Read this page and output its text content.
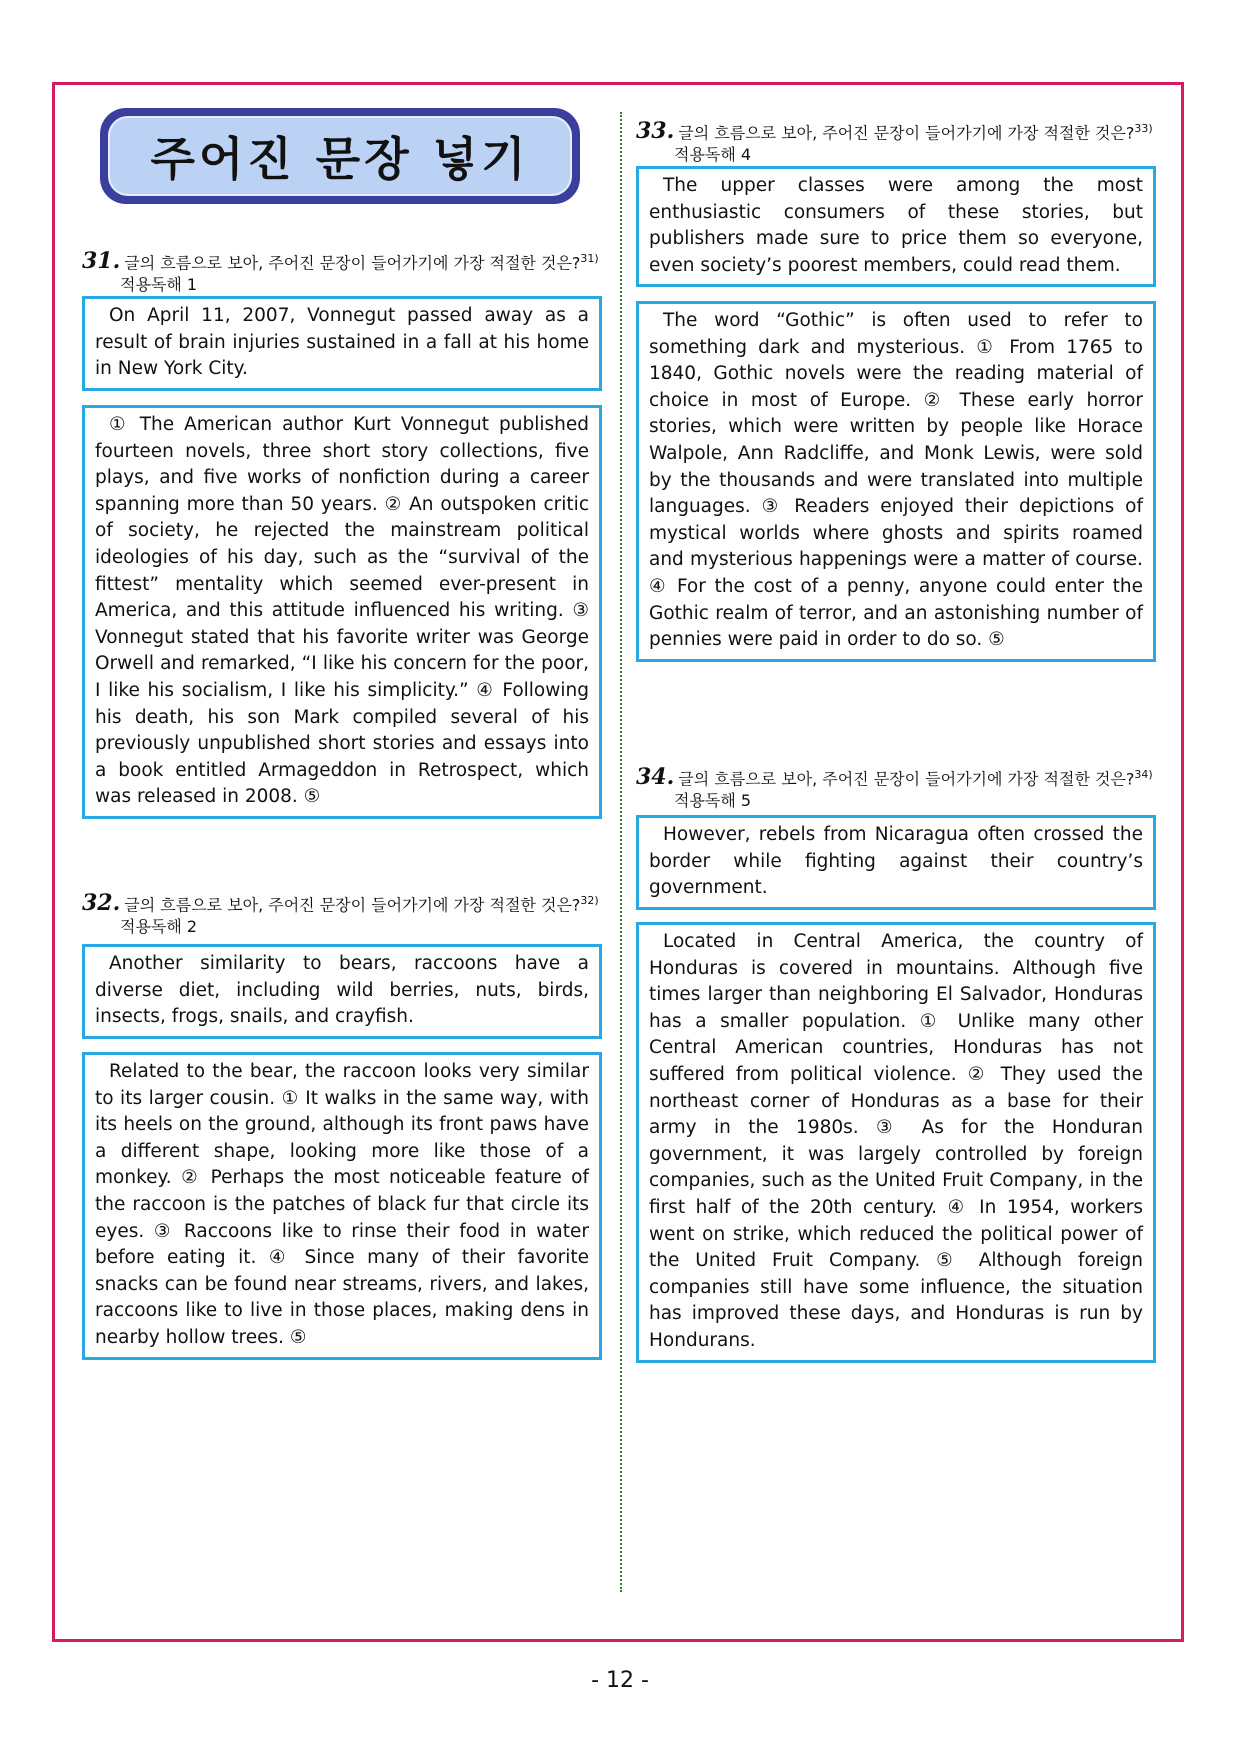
주어진 문장 넣기
31. 글의 흐름으로 보아, 주어진 문장이 들어가기에 가장 적절한 것은?$^{31)}$
적용독해 1

On April 11, 2007, Vonnegut passed away as a result of brain injuries sustained in a fall at his home in New York City.

① The American author Kurt Vonnegut published fourteen novels, three short story collections, five plays, and five works of nonfiction during a career spanning more than 50 years. ② An outspoken critic of society, he rejected the mainstream political ideologies of his day, such as the “survival of the fittest” mentality which seemed ever-present in America, and this attitude influenced his writing. ③ Vonnegut stated that his favorite writer was George Orwell and remarked, “I like his concern for the poor, I like his socialism, I like his simplicity.” ④ Following his death, his son Mark compiled several of his previously unpublished short stories and essays into a book entitled Armageddon in Retrospect, which was released in 2008. ⑤

32. 글의 흐름으로 보아, 주어진 문장이 들어가기에 가장 적절한 것은?$^{32)}$
적용독해 2

Another similarity to bears, raccoons have a diverse diet, including wild berries, nuts, birds, insects, frogs, snails, and crayfish.

Related to the bear, the raccoon looks very similar to its larger cousin. ① It walks in the same way, with its heels on the ground, although its front paws have a different shape, looking more like those of a monkey. ② Perhaps the most noticeable feature of the raccoon is the patches of black fur that circle its eyes. ③ Raccoons like to rinse their food in water before eating it. ④ Since many of their favorite snacks can be found near streams, rivers, and lakes, raccoons like to live in those places, making dens in nearby hollow trees. ⑤

33. 글의 흐름으로 보아, 주어진 문장이 들어가기에 가장 적절한 것은?$^{33)}$
적용독해 4

The upper classes were among the most enthusiastic consumers of these stories, but publishers made sure to price them so everyone, even society’s poorest members, could read them.

The word “Gothic” is often used to refer to something dark and mysterious. ① From 1765 to 1840, Gothic novels were the reading material of choice in most of Europe. ② These early horror stories, which were written by people like Horace Walpole, Ann Radcliffe, and Monk Lewis, were sold by the thousands and were translated into multiple languages. ③ Readers enjoyed their depictions of mystical worlds where ghosts and spirits roamed and mysterious happenings were a matter of course. ④ For the cost of a penny, anyone could enter the Gothic realm of terror, and an astonishing number of pennies were paid in order to do so. ⑤

34. 글의 흐름으로 보아, 주어진 문장이 들어가기에 가장 적절한 것은?$^{34)}$
적용독해 5

However, rebels from Nicaragua often crossed the border while fighting against their country’s government.

Located in Central America, the country of Honduras is covered in mountains. Although five times larger than neighboring El Salvador, Honduras has a smaller population. ① Unlike many other Central American countries, Honduras has not suffered from political violence. ② They used the northeast corner of Honduras as a base for their army in the 1980s. ③ As for the Honduran government, it was largely controlled by foreign companies, such as the United Fruit Company, in the first half of the 20th century. ④ In 1954, workers went on strike, which reduced the political power of the United Fruit Company. ⑤ Although foreign companies still have some influence, the situation has improved these days, and Honduras is run by Hondurans.

- 12 -
